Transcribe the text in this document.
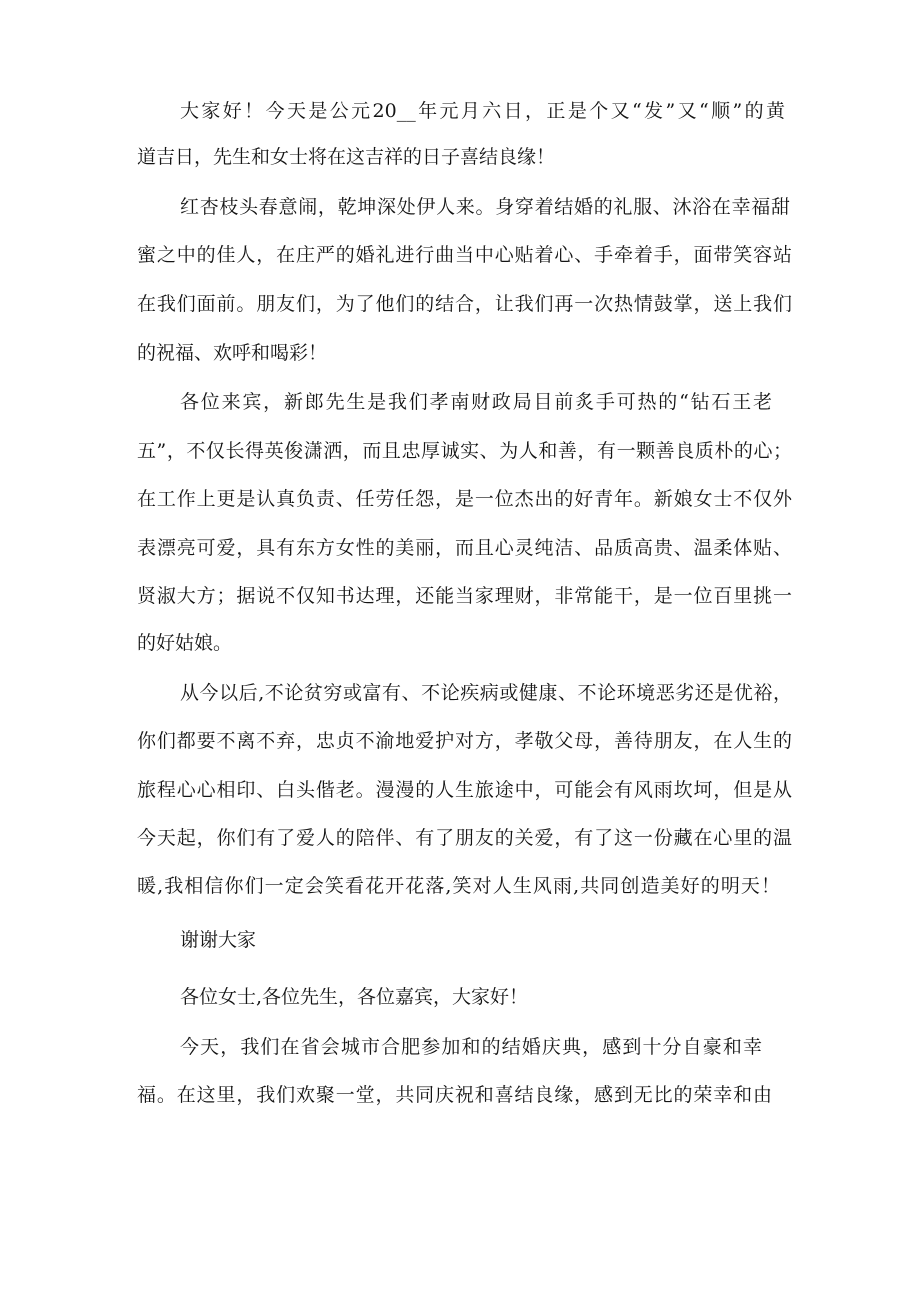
大家好！今天是公元20__年元月六日，正是个又“发”又“顺”的黄
道吉日，先生和女士将在这吉祥的日子喜结良缘！
红杏枝头春意闹，乾坤深处伊人来。身穿着结婚的礼服、沐浴在幸福甜
蜜之中的佳人，在庄严的婚礼进行曲当中心贴着心、手牵着手，面带笑容站
在我们面前。朋友们，为了他们的结合，让我们再一次热情鼓掌，送上我们
的祝福、欢呼和喝彩！
各位来宾，新郎先生是我们孝南财政局目前炙手可热的“钻石王老
五”，不仅长得英俊潇洒，而且忠厚诚实、为人和善，有一颗善良质朴的心；
在工作上更是认真负责、任劳任怨，是一位杰出的好青年。新娘女士不仅外
表漂亮可爱，具有东方女性的美丽，而且心灵纯洁、品质高贵、温柔体贴、
贤淑大方；据说不仅知书达理，还能当家理财，非常能干，是一位百里挑一
的好姑娘。
从今以后,不论贫穷或富有、不论疾病或健康、不论环境恶劣还是优裕，
你们都要不离不弃，忠贞不渝地爱护对方，孝敬父母，善待朋友，在人生的
旅程心心相印、白头偕老。漫漫的人生旅途中，可能会有风雨坎坷，但是从
今天起，你们有了爱人的陪伴、有了朋友的关爱，有了这一份藏在心里的温
暖,我相信你们一定会笑看花开花落,笑对人生风雨,共同创造美好的明天！
谢谢大家
各位女士,各位先生，各位嘉宾，大家好！
今天，我们在省会城市合肥参加和的结婚庆典，感到十分自豪和幸
福。在这里，我们欢聚一堂，共同庆祝和喜结良缘，感到无比的荣幸和由
